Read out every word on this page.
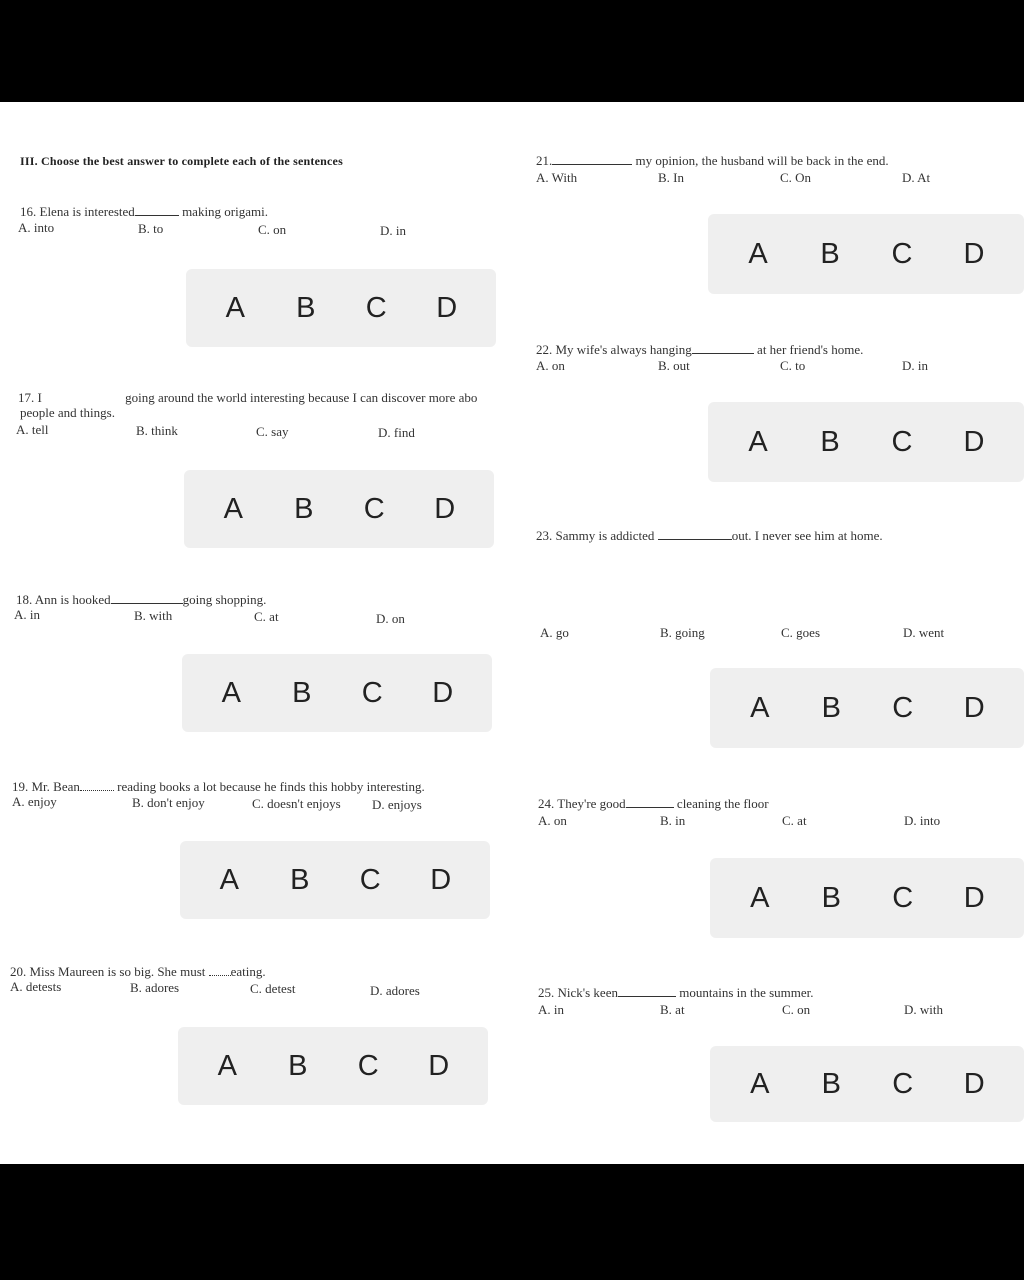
III. Choose the best answer to complete each of the sentences
16. Elena is interested	making origami.
A. into	B. to	C. on	D. in
A	B	C	D
17. I	going around the world interesting because I can discover more abo
people and things.
A. tell	B. think	C. say	D. find
A	B	C	D
18. Ann is hooked	going shopping.
A. in	B. with	C. at	D. on
A	B	C	D
19. Mr. Bean	reading books a lot because he finds this hobby interesting.
A. enjoy	B. don't enjoy	C. doesn't enjoys D. enjoys
A	B	C	D
20. Miss Maureen is so big. She must eating.
A. detests	B. adores	C. detest	D. adores
A	B	C	D
21.	my opinion, the husband will be back in the end.
A. With	B. In	C. On	D. At
A	B	C	D
22. My wife's always hanging	at her friend's home.
A. on	B. out	C. to	D. in
A	B	C	D
23. Sammy is addicted	out. I never see him at home.
A. go	B. going	C. goes	D. went
A	B	C	D
24. They're good	cleaning the floor
A. on	B. in	C. at	D. into
A	B	C	D
25. Nick's keen	mountains in the summer.
A. in	B. at	C. on	D. with
A	B	C	D
